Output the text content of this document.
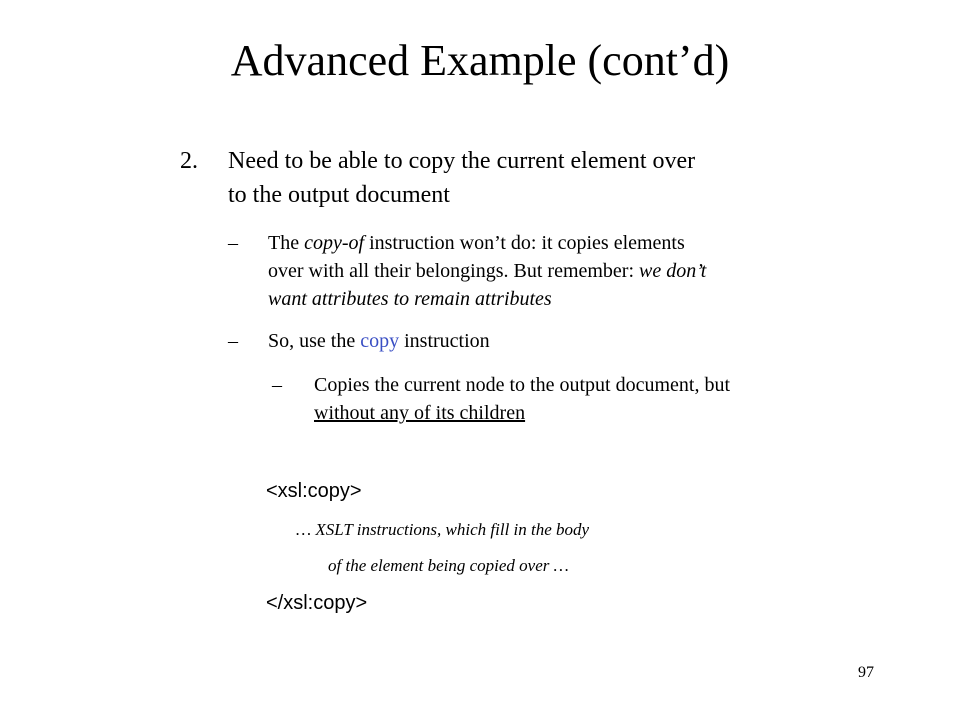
Advanced Example (cont’d)
2. Need to be able to copy the current element over
to the output document
– The copy-of instruction won’t do: it copies elements
over with all their belongings. But remember: we don’t
want attributes to remain attributes
– So, use the copy instruction
– Copies the current node to the output document, but
without any of its children
<xsl:copy>
… XSLT instructions, which fill in the body
of the element being copied over …
</xsl:copy>
97
